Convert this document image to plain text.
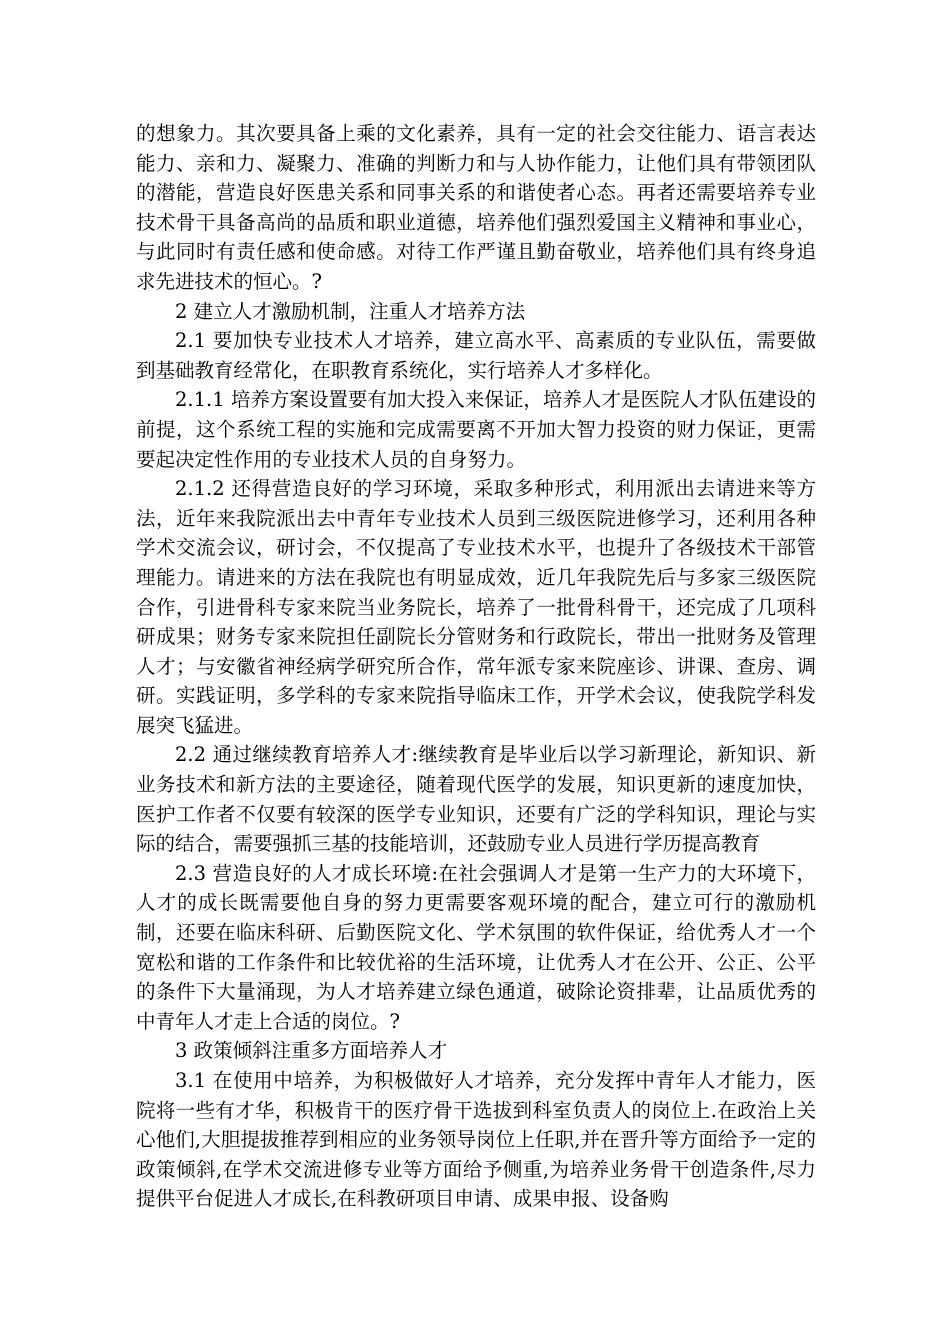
的想象力。其次要具备上乘的文化素养，具有一定的社会交往能力、语言表达能力、亲和力、凝聚力、准确的判断力和与人协作能力，让他们具有带领团队的潜能，营造良好医患关系和同事关系的和谐使者心态。再者还需要培养专业技术骨干具备高尚的品质和职业道德，培养他们强烈爱国主义精神和事业心，与此同时有责任感和使命感。对待工作严谨且勤奋敬业，培养他们具有终身追求先进技术的恒心。?

2 建立人才激励机制，注重人才培养方法

2.1 要加快专业技术人才培养，建立高水平、高素质的专业队伍，需要做到基础教育经常化，在职教育系统化，实行培养人才多样化。

2.1.1 培养方案设置要有加大投入来保证，培养人才是医院人才队伍建设的前提，这个系统工程的实施和完成需要离不开加大智力投资的财力保证，更需要起决定性作用的专业技术人员的自身努力。

2.1.2 还得营造良好的学习环境，采取多种形式，利用派出去请进来等方法，近年来我院派出去中青年专业技术人员到三级医院进修学习，还利用各种学术交流会议，研讨会，不仅提高了专业技术水平，也提升了各级技术干部管理能力。请进来的方法在我院也有明显成效，近几年我院先后与多家三级医院合作，引进骨科专家来院当业务院长，培养了一批骨科骨干，还完成了几项科研成果；财务专家来院担任副院长分管财务和行政院长，带出一批财务及管理人才；与安徽省神经病学研究所合作，常年派专家来院座诊、讲课、查房、调研。实践证明，多学科的专家来院指导临床工作，开学术会议，使我院学科发展突飞猛进。

2.2 通过继续教育培养人才:继续教育是毕业后以学习新理论，新知识、新业务技术和新方法的主要途径，随着现代医学的发展，知识更新的速度加快，医护工作者不仅要有较深的医学专业知识，还要有广泛的学科知识，理论与实际的结合，需要强抓三基的技能培训，还鼓励专业人员进行学历提高教育

2.3 营造良好的人才成长环境:在社会强调人才是第一生产力的大环境下，人才的成长既需要他自身的努力更需要客观环境的配合，建立可行的激励机制，还要在临床科研、后勤医院文化、学术氛围的软件保证，给优秀人才一个宽松和谐的工作条件和比较优裕的生活环境，让优秀人才在公开、公正、公平的条件下大量涌现，为人才培养建立绿色通道，破除论资排辈，让品质优秀的中青年人才走上合适的岗位。?

3 政策倾斜注重多方面培养人才

3.1 在使用中培养，为积极做好人才培养，充分发挥中青年人才能力，医院将一些有才华，积极肯干的医疗骨干选拔到科室负责人的岗位上.在政治上关心他们,大胆提拔推荐到相应的业务领导岗位上任职,并在晋升等方面给予一定的政策倾斜,在学术交流进修专业等方面给予侧重,为培养业务骨干创造条件,尽力提供平台促进人才成长,在科教研项目申请、成果申报、设备购
